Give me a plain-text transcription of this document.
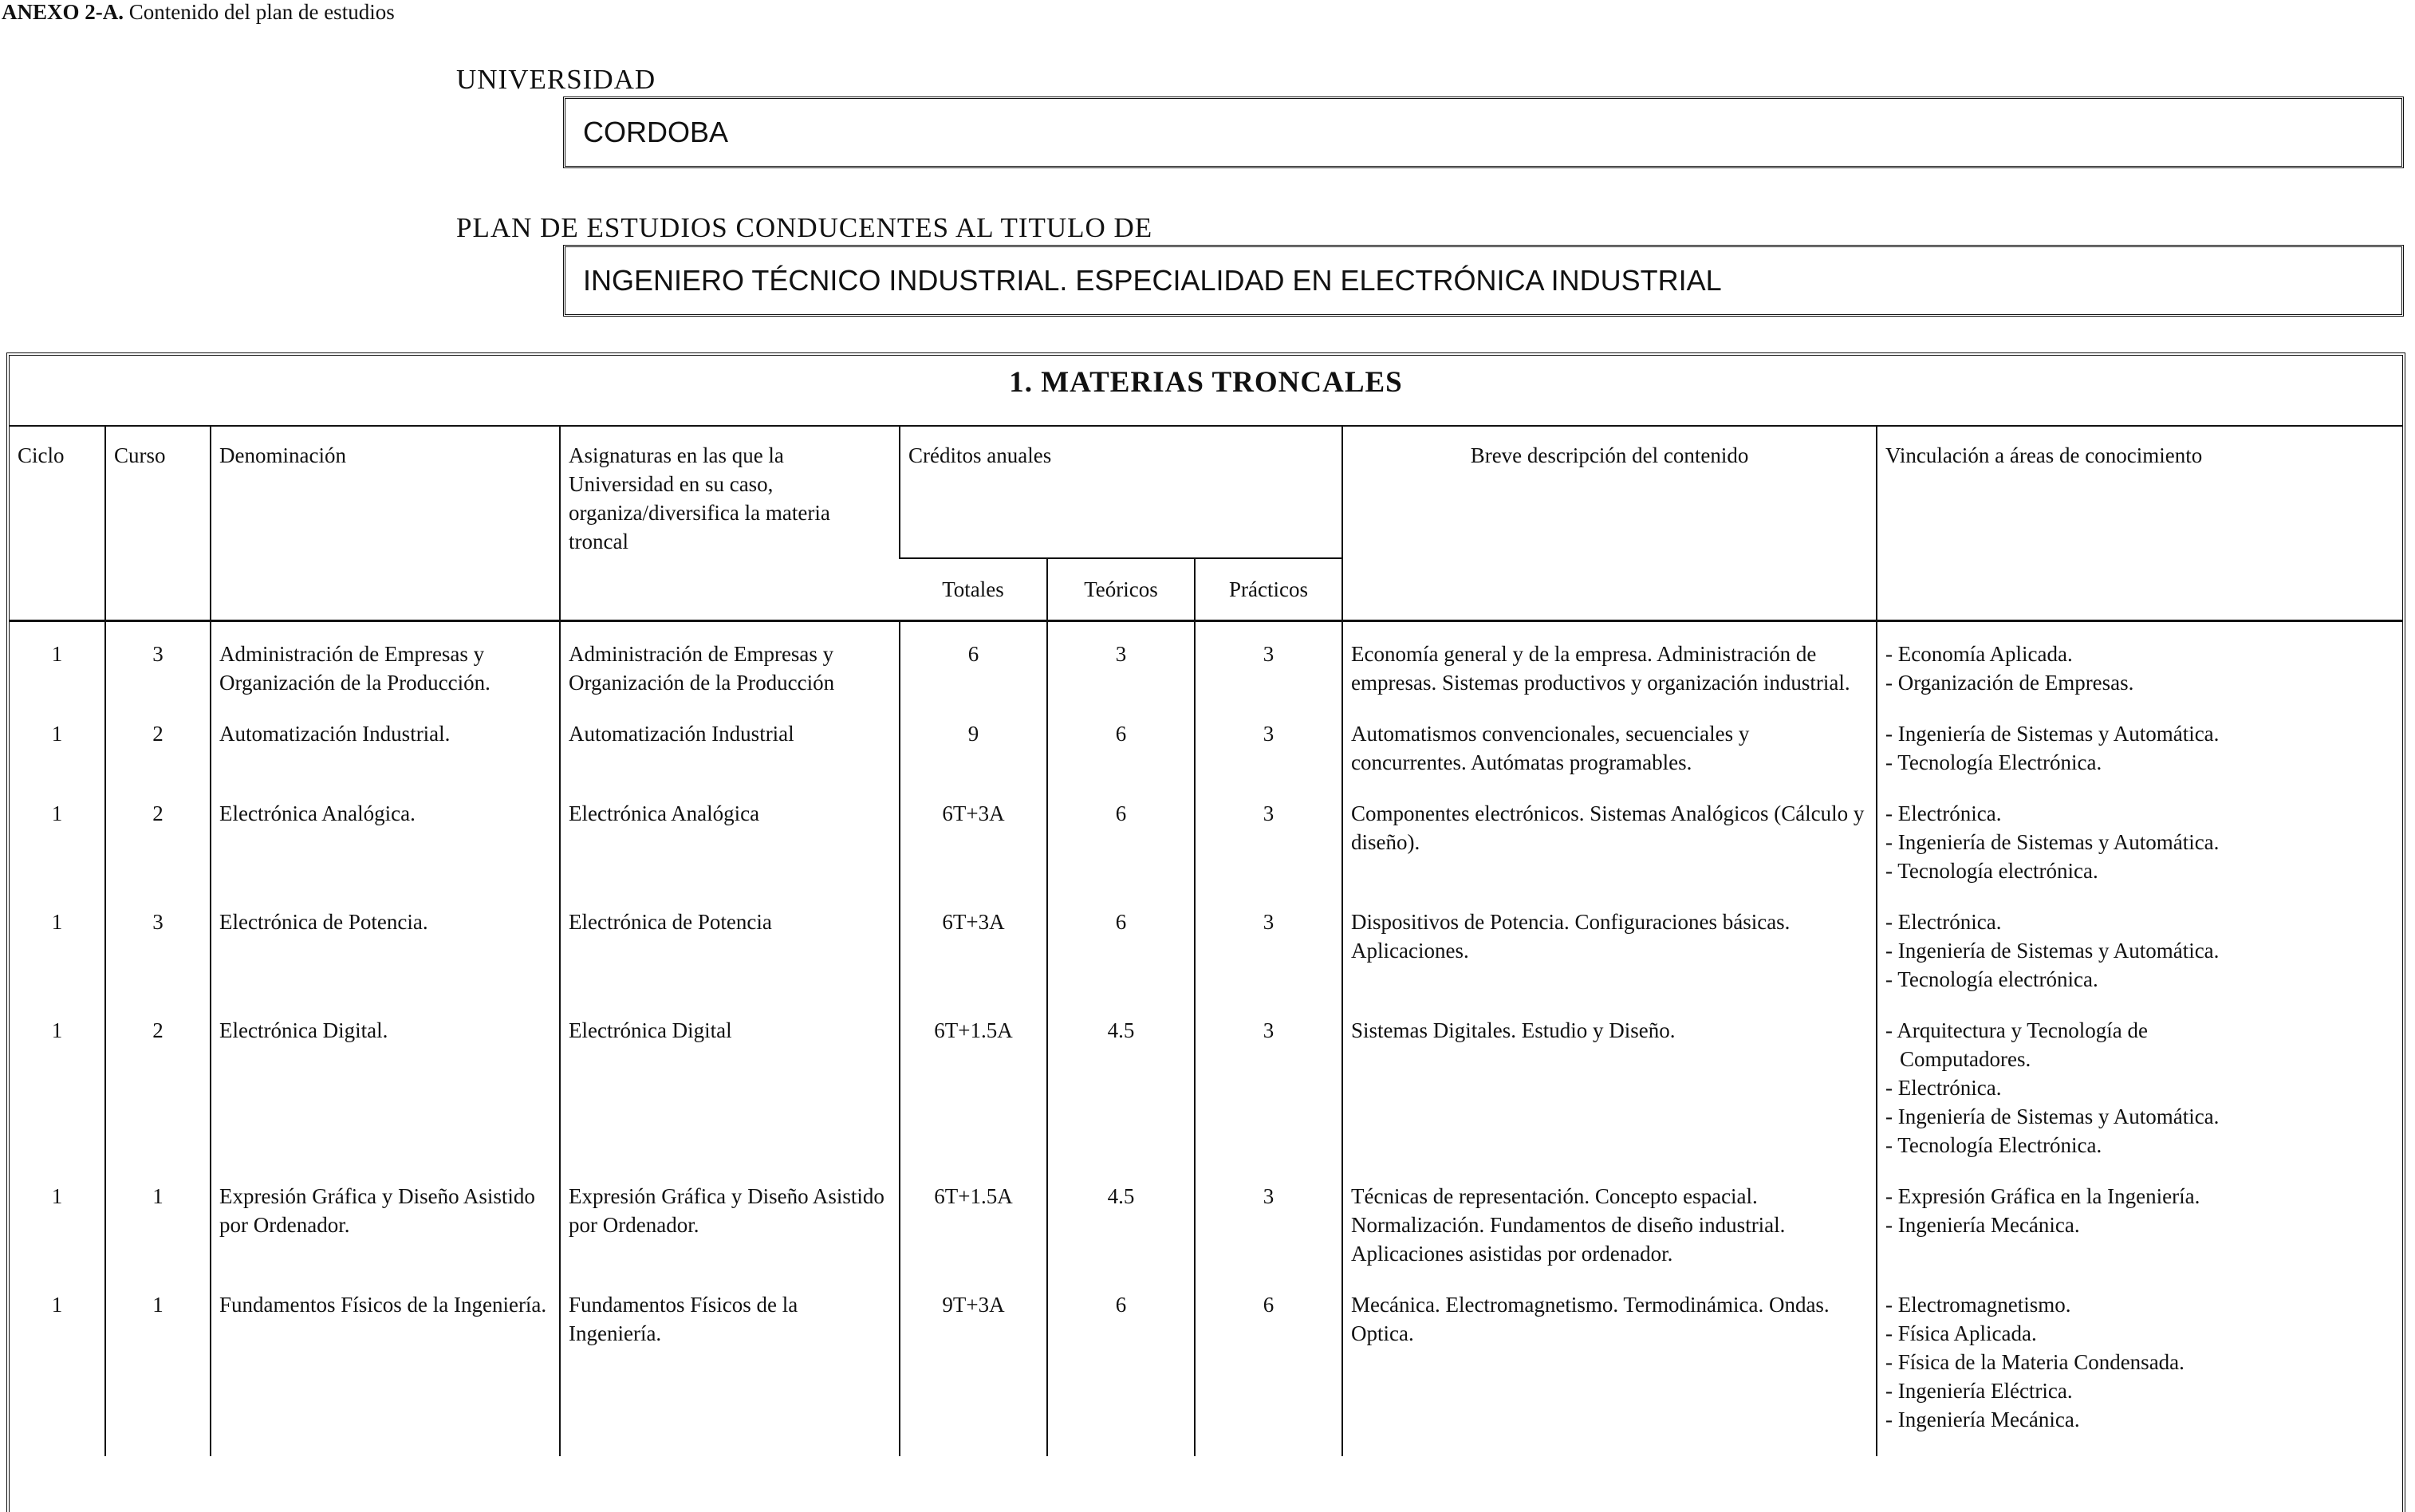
ANEXO 2-A. Contenido del plan de estudios
UNIVERSIDAD
CORDOBA
PLAN DE ESTUDIOS CONDUCENTES AL TITULO DE
INGENIERO TÉCNICO INDUSTRIAL. ESPECIALIDAD EN ELECTRÓNICA INDUSTRIAL
1. MATERIAS TRONCALES
Ciclo	Curso	Denominación	Asignaturas en las que la Universidad en su caso, organiza/diversifica la materia troncal	Créditos anuales			Breve descripción del contenido	Vinculación a áreas de conocimiento
				Totales	Teóricos	Prácticos		
1	3	Administración de Empresas y Organización de la Producción.	Administración de Empresas y Organización de la Producción	6	3	3	Economía general y de la empresa. Administración de empresas. Sistemas productivos y organización industrial.	- Economía Aplicada.
- Organización de Empresas.

1	2	Automatización Industrial.	Automatización Industrial	9	6	3	Automatismos convencionales, secuenciales y concurrentes. Autómatas programables.	- Ingeniería de Sistemas y Automática.
- Tecnología Electrónica.

1	2	Electrónica Analógica.	Electrónica Analógica	6T+3A	6	3	Componentes electrónicos. Sistemas Analógicos (Cálculo y diseño).	- Electrónica.
- Ingeniería de Sistemas y Automática.
- Tecnología electrónica.

1	3	Electrónica de Potencia.	Electrónica de Potencia	6T+3A	6	3	Dispositivos de Potencia. Configuraciones básicas. Aplicaciones.	- Electrónica.
- Ingeniería de Sistemas y Automática.
- Tecnología electrónica.

1	2	Electrónica Digital.	Electrónica Digital	6T+1.5A	4.5	3	Sistemas Digitales. Estudio y Diseño.	- Arquitectura y Tecnología de
Computadores.
- Electrónica.
- Ingeniería de Sistemas y Automática.
- Tecnología Electrónica.

1	1	Expresión Gráfica y Diseño Asistido por Ordenador.	Expresión Gráfica y Diseño Asistido por Ordenador.	6T+1.5A	4.5	3	Técnicas de representación. Concepto espacial. Normalización. Fundamentos de diseño industrial. Aplicaciones asistidas por ordenador.	- Expresión Gráfica en la Ingeniería.
- Ingeniería Mecánica.

1	1	Fundamentos Físicos de la Ingeniería.	Fundamentos Físicos de la Ingeniería.	9T+3A	6	6	Mecánica. Electromagnetismo. Termodinámica. Ondas. Optica.	- Electromagnetismo.
- Física Aplicada.
- Física de la Materia Condensada.
- Ingeniería Eléctrica.
- Ingeniería Mecánica.
